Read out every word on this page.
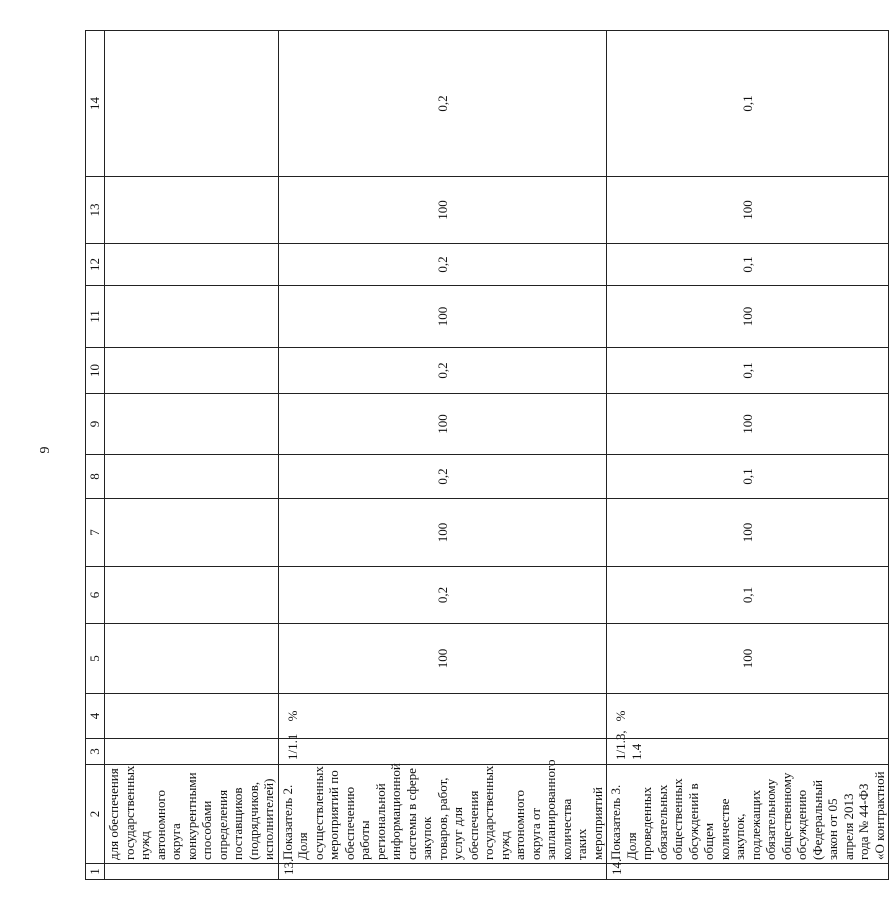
9
1	2	3	4	5	6	7	8	9	10	11	12	13	14
	для обеспечения государственных нужд автономного округа конкурентными способами определения поставщиков (подрядчиков, исполнителей)												
13.	Показатель 2. Доля осуществленных мероприятий по обеспечению работы региональной информационной системы в сфере закупок товаров, работ, услуг для обеспечения государственных нужд автономного округа от запланированного количества таких мероприятий	1/1.1	%	100	0,2	100	0,2	100	0,2	100	0,2	100	0,2
14.	Показатель 3. Доля проведенных обязательных общественных обсуждений в общем количестве закупок, подлежащих обязательному общественному обсуждению (Федеральный закон от 05 апреля 2013 года № 44-ФЗ «О контрактной	1/1.3, 1.4	%	100	0,1	100	0,1	100	0,1	100	0,1	100	0,1
